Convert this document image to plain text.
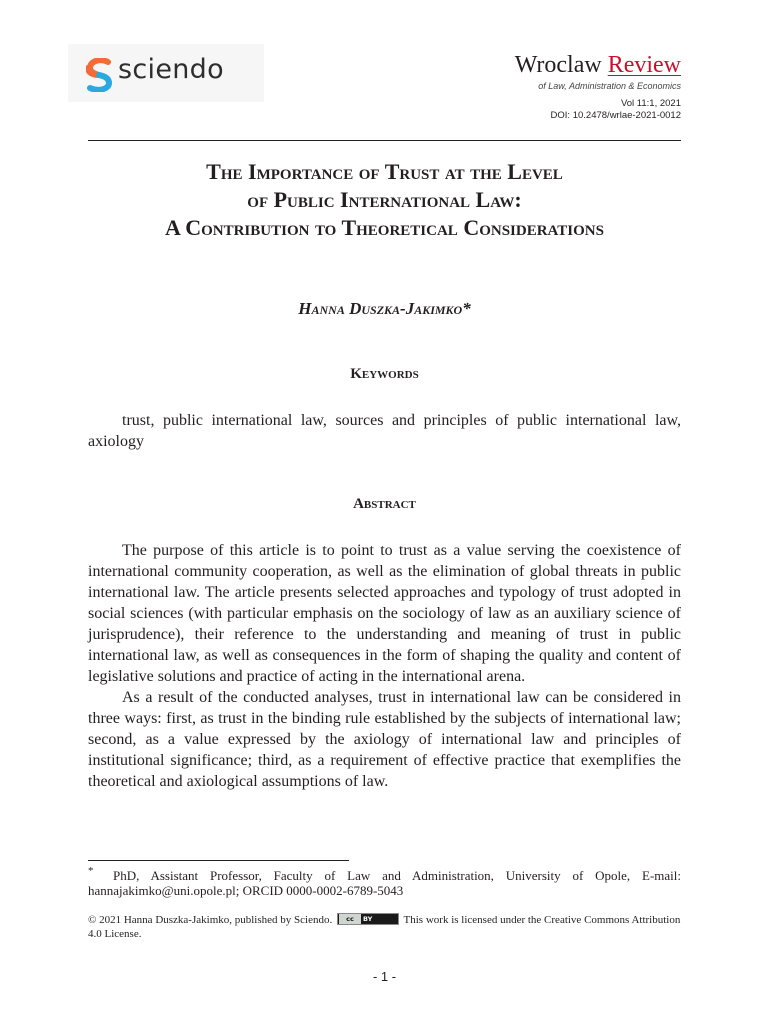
sciendo	Wroclaw Review
of Law, Administration & Economics
Vol 11:1, 2021
DOI: 10.2478/wrlae-2021-0012
The Importance of Trust at the Level
of Public International Law:
A Contribution to Theoretical Considerations
Hanna Duszka-Jakimko*
Keywords

trust, public international law, sources and principles of public international law, axiology

Abstract

The purpose of this article is to point to trust as a value serving the coexistence of international community cooperation, as well as the elimination of global threats in public international law. The article presents selected approaches and typology of trust adopted in social sciences (with particular emphasis on the sociology of law as an auxiliary science of jurisprudence), their reference to the understanding and meaning of trust in public international law, as well as consequences in the form of shaping the quality and content of legislative solutions and practice of acting in the international arena.

As a result of the conducted analyses, trust in international law can be considered in three ways: first, as trust in the binding rule established by the subjects of international law; second, as a value expressed by the axiology of international law and principles of institutional significance; third, as a requirement of effective practice that exemplifies the theoretical and axiological assumptions of law.

*	PhD, Assistant Professor, Faculty of Law and Administration, University of Opole, E-mail: hannajakimko@uni.opole.pl; ORCID 0000-0002-6789-5043
© 2021 Hanna Duszka-Jakimko, published by Sciendo.	cc	BY	This work is licensed under the Creative Commons Attribution 4.0 License.
- 1 -
